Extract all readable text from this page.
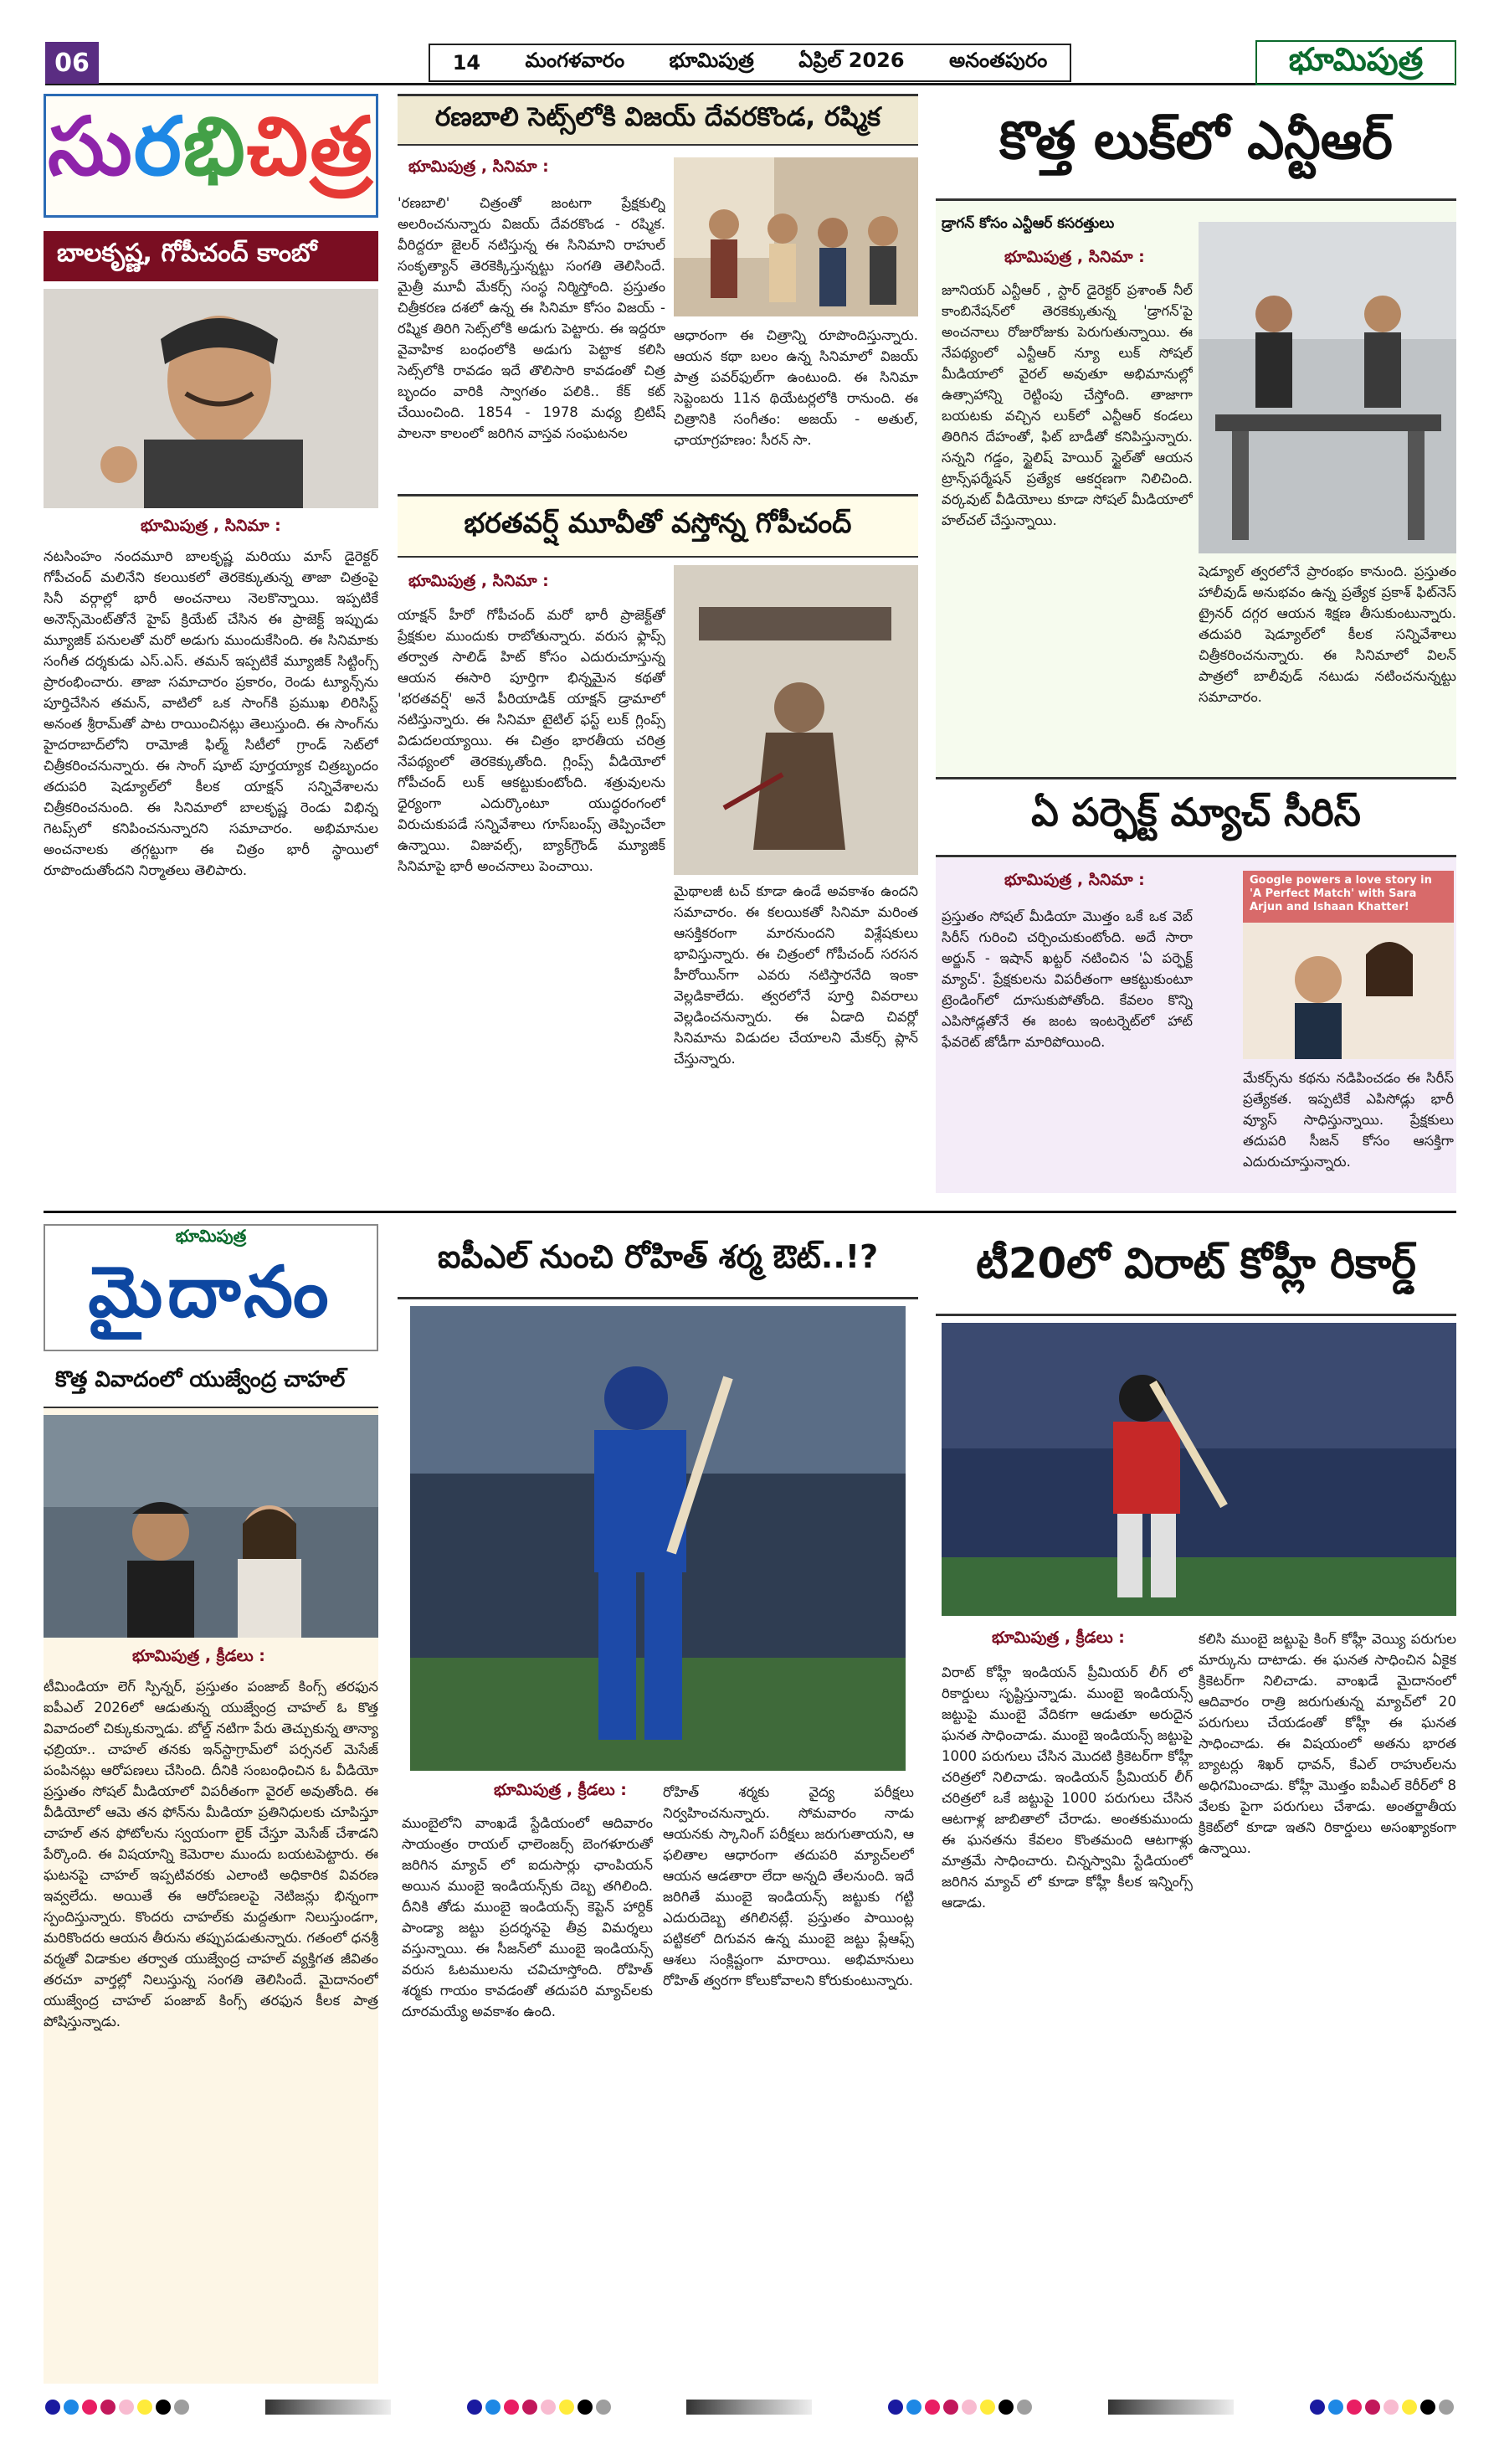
06	14	మంగళవారం	భూమిపుత్ర	ఏప్రిల్ 2026	అనంతపురం	భూమిపుత్ర
సురభిచిత్ర
బాలకృష్ణ, గోపీచంద్ కాంబో
భూమిపుత్ర , సినిమా :
నటసింహం నందమూరి బాలకృష్ణ మరియు మాస్ డైరెక్టర్ గోపీచంద్ మలినేని కలయికలో తెరకెక్కుతున్న తాజా చిత్రంపై సినీ వర్గాల్లో భారీ అంచనాలు నెలకొన్నాయి. ఇప్పటికే అనౌన్స్‌మెంట్‌తోనే హైప్ క్రియేట్ చేసిన ఈ ప్రాజెక్ట్ ఇప్పుడు మ్యూజిక్ పనులతో మరో అడుగు ముందుకేసింది. ఈ సినిమాకు సంగీత దర్శకుడు ఎస్.ఎస్. తమన్ ఇప్పటికే మ్యూజిక్ సిట్టింగ్స్ ప్రారంభించారు. తాజా సమాచారం ప్రకారం, రెండు ట్యూన్స్‌ను పూర్తిచేసిన తమన్, వాటిలో ఒక సాంగ్‌కి ప్రముఖ లిరిసిస్ట్ అనంత శ్రీరామ్‌తో పాట రాయించినట్లు తెలుస్తుంది. ఈ సాంగ్‌ను హైదరాబాద్‌లోని రామోజీ ఫిల్మ్ సిటీలో గ్రాండ్ సెట్‌లో చిత్రీకరించనున్నారు. ఈ సాంగ్ షూట్ పూర్తయ్యాక చిత్రబృందం తదుపరి షెడ్యూల్‌లో కీలక యాక్షన్ సన్నివేశాలను చిత్రీకరించనుంది. ఈ సినిమాలో బాలకృష్ణ రెండు విభిన్న గెటప్స్‌లో కనిపించనున్నారని సమాచారం. అభిమానుల అంచనాలకు తగ్గట్టుగా ఈ చిత్రం భారీ స్థాయిలో రూపొందుతోందని నిర్మాతలు తెలిపారు.
రణబాలి సెట్స్‌లోకి విజయ్ దేవరకొండ, రష్మిక
భూమిపుత్ర , సినిమా :
'రణబాలి' చిత్రంతో జంటగా ప్రేక్షకుల్ని అలరించనున్నారు విజయ్ దేవరకొండ - రష్మిక. వీరిద్దరూ జైలర్ నటిస్తున్న ఈ సినిమాని రాహుల్ సంకృత్యాన్ తెరకెక్కిస్తున్నట్టు సంగతి తెలిసిందే. మైత్రీ మూవీ మేకర్స్ సంస్థ నిర్మిస్తోంది. ప్రస్తుతం చిత్రీకరణ దశలో ఉన్న ఈ సినిమా కోసం విజయ్ - రష్మిక తిరిగి సెట్స్‌లోకి అడుగు పెట్టారు. ఈ ఇద్దరూ వైవాహిక బంధంలోకి అడుగు పెట్టాక కలిసి సెట్స్‌లోకి రావడం ఇదే తొలిసారి కావడంతో చిత్ర బృందం వారికి స్వాగతం పలికి.. కేక్ కట్ చేయించింది. 1854 - 1978 మధ్య బ్రిటిష్ పాలనా కాలంలో జరిగిన వాస్తవ సంఘటనల
ఆధారంగా ఈ చిత్రాన్ని రూపొందిస్తున్నారు. ఆయన కథా బలం ఉన్న సినిమాలో విజయ్ పాత్ర పవర్‌ఫుల్‌గా ఉంటుంది. ఈ సినిమా సెప్టెంబరు 11న థియేటర్లలోకి రానుంది. ఈ చిత్రానికి సంగీతం: అజయ్ - అతుల్, ఛాయాగ్రహణం: సీరన్ సా.
భరతవర్ష్ మూవీతో వస్తోన్న గోపీచంద్
భూమిపుత్ర , సినిమా :
యాక్షన్ హీరో గోపీచంద్ మరో భారీ ప్రాజెక్ట్‌తో ప్రేక్షకుల ముందుకు రాబోతున్నారు. వరుస ఫ్లాప్స్ తర్వాత సాలిడ్ హిట్ కోసం ఎదురుచూస్తున్న ఆయన ఈసారి పూర్తిగా భిన్నమైన కథతో 'భరతవర్ష్' అనే పీరియాడిక్ యాక్షన్ డ్రామాలో నటిస్తున్నారు. ఈ సినిమా టైటిల్ ఫస్ట్ లుక్ గ్లింప్స్ విడుదలయ్యాయి. ఈ చిత్రం భారతీయ చరిత్ర నేపథ్యంలో తెరకెక్కుతోంది. గ్లింప్స్ వీడియోలో గోపీచంద్ లుక్ ఆకట్టుకుంటోంది. శత్రువులను ధైర్యంగా ఎదుర్కొంటూ యుద్ధరంగంలో విరుచుకుపడే సన్నివేశాలు గూస్‌బంప్స్ తెప్పించేలా ఉన్నాయి. విజువల్స్, బ్యాక్‌గ్రౌండ్ మ్యూజిక్ సినిమాపై భారీ అంచనాలు పెంచాయి.
మైథాలజీ టచ్ కూడా ఉండే అవకాశం ఉందని సమాచారం. ఈ కలయికతో సినిమా మరింత ఆసక్తికరంగా మారనుందని విశ్లేషకులు భావిస్తున్నారు. ఈ చిత్రంలో గోపీచంద్ సరసన హీరోయిన్‌గా ఎవరు నటిస్తారనేది ఇంకా వెల్లడికాలేదు. త్వరలోనే పూర్తి వివరాలు వెల్లడించనున్నారు. ఈ ఏడాది చివర్లో సినిమాను విడుదల చేయాలని మేకర్స్ ప్లాన్ చేస్తున్నారు.
కొత్త లుక్‌లో ఎన్టీఆర్
డ్రాగన్ కోసం ఎన్టీఆర్ కసరత్తులు
భూమిపుత్ర , సినిమా :
జూనియర్ ఎన్టీఆర్ , స్టార్ డైరెక్టర్ ప్రశాంత్ నీల్ కాంబినేషన్‌లో తెరకెక్కుతున్న 'డ్రాగన్'పై అంచనాలు రోజురోజుకు పెరుగుతున్నాయి. ఈ నేపథ్యంలో ఎన్టీఆర్ న్యూ లుక్ సోషల్ మీడియాలో వైరల్ అవుతూ అభిమానుల్లో ఉత్సాహాన్ని రెట్టింపు చేస్తోంది. తాజాగా బయటకు వచ్చిన లుక్‌లో ఎన్టీఆర్ కండలు తిరిగిన దేహంతో, ఫిట్ బాడీతో కనిపిస్తున్నారు. సన్నని గడ్డం, స్టైలిష్ హెయిర్ స్టైల్‌తో ఆయన ట్రాన్స్‌ఫర్మేషన్ ప్రత్యేక ఆకర్షణగా నిలిచింది. వర్కవుట్ వీడియోలు కూడా సోషల్ మీడియాలో హల్‌చల్ చేస్తున్నాయి.
షెడ్యూల్ త్వరలోనే ప్రారంభం కానుంది. ప్రస్తుతం హాలీవుడ్ అనుభవం ఉన్న ప్రత్యేక ప్రకాశ్ ఫిట్‌నెస్ ట్రైనర్ దగ్గర ఆయన శిక్షణ తీసుకుంటున్నారు. తదుపరి షెడ్యూల్‌లో కీలక సన్నివేశాలు చిత్రీకరించనున్నారు. ఈ సినిమాలో విలన్ పాత్రలో బాలీవుడ్ నటుడు నటించనున్నట్టు సమాచారం.
ఏ పర్ఫెక్ట్ మ్యాచ్ సీరిస్
భూమిపుత్ర , సినిమా :
ప్రస్తుతం సోషల్ మీడియా మొత్తం ఒకే ఒక వెబ్ సిరీస్ గురించి చర్చించుకుంటోంది. అదే సారా అర్జున్ - ఇషాన్ ఖట్టర్ నటించిన 'ఏ పర్ఫెక్ట్ మ్యాచ్'. ప్రేక్షకులను విపరీతంగా ఆకట్టుకుంటూ ట్రెండింగ్‌లో దూసుకుపోతోంది. కేవలం కొన్ని ఎపిసోడ్లతోనే ఈ జంట ఇంటర్నెట్‌లో హాట్ ఫేవరెట్ జోడీగా మారిపోయింది.
Google powers a love story in 'A Perfect Match' with Sara Arjun and Ishaan Khatter!
మేకర్స్‌ను కథను నడిపించడం ఈ సిరీస్ ప్రత్యేకత. ఇప్పటికే ఎపిసోడ్లు భారీ వ్యూస్ సాధిస్తున్నాయి. ప్రేక్షకులు తదుపరి సీజన్ కోసం ఆసక్తిగా ఎదురుచూస్తున్నారు.
భూమిపుత్ర
మైదానం
కొత్త వివాదంలో యుజ్వేంద్ర చాహల్
భూమిపుత్ర , క్రీడలు :
టీమిండియా లెగ్ స్పిన్నర్, ప్రస్తుతం పంజాబ్ కింగ్స్ తరఫున ఐపీఎల్ 2026లో ఆడుతున్న యుజ్వేంద్ర చాహల్ ఓ కొత్త వివాదంలో చిక్కుకున్నాడు. బోల్డ్ నటిగా పేరు తెచ్చుకున్న తాన్యా ఛబ్రియా.. చాహల్ తనకు ఇన్‌స్టాగ్రామ్‌లో పర్సనల్ మెసేజ్ పంపినట్లు ఆరోపణలు చేసింది. దీనికి సంబంధించిన ఓ వీడియో ప్రస్తుతం సోషల్ మీడియాలో విపరీతంగా వైరల్ అవుతోంది. ఈ వీడియోలో ఆమె తన ఫోన్‌ను మీడియా ప్రతినిధులకు చూపిస్తూ చాహల్ తన ఫోటోలను స్వయంగా లైక్ చేస్తూ మెసేజ్ చేశాడని పేర్కొంది. ఈ విషయాన్ని కెమెరాల ముందు బయటపెట్టారు. ఈ ఘటనపై చాహల్ ఇప్పటివరకు ఎలాంటి అధికారిక వివరణ ఇవ్వలేదు. అయితే ఈ ఆరోపణలపై నెటిజన్లు భిన్నంగా స్పందిస్తున్నారు. కొందరు చాహల్‌కు మద్దతుగా నిలుస్తుండగా, మరికొందరు ఆయన తీరును తప్పుపడుతున్నారు. గతంలో ధనశ్రీ వర్మతో విడాకుల తర్వాత యుజ్వేంద్ర చాహల్ వ్యక్తిగత జీవితం తరచూ వార్తల్లో నిలుస్తున్న సంగతి తెలిసిందే. మైదానంలో యుజ్వేంద్ర చాహల్ పంజాబ్ కింగ్స్ తరఫున కీలక పాత్ర పోషిస్తున్నాడు.
ఐపీఎల్ నుంచి రోహిత్ శర్మ ఔట్..!?
భూమిపుత్ర , క్రీడలు :
ముంబైలోని వాంఖడే స్టేడియంలో ఆదివారం సాయంత్రం రాయల్ ఛాలెంజర్స్ బెంగళూరుతో జరిగిన మ్యాచ్ లో ఐదుసార్లు ఛాంపియన్ అయిన ముంబై ఇండియన్స్‌కు దెబ్బ తగిలింది. దీనికి తోడు ముంబై ఇండియన్స్ కెప్టెన్ హార్దిక్ పాండ్యా జట్టు ప్రదర్శనపై తీవ్ర విమర్శలు వస్తున్నాయి. ఈ సీజన్‌లో ముంబై ఇండియన్స్ వరుస ఓటములను చవిచూస్తోంది. రోహిత్ శర్మకు గాయం కావడంతో తదుపరి మ్యాచ్‌లకు దూరమయ్యే అవకాశం ఉంది.
రోహిత్ శర్మకు వైద్య పరీక్షలు నిర్వహించనున్నారు. సోమవారం నాడు ఆయనకు స్కానింగ్ పరీక్షలు జరుగుతాయని, ఆ ఫలితాల ఆధారంగా తదుపరి మ్యాచ్‌లలో ఆయన ఆడతారా లేదా అన్నది తేలనుంది. ఇదే జరిగితే ముంబై ఇండియన్స్ జట్టుకు గట్టి ఎదురుదెబ్బ తగిలినట్లే. ప్రస్తుతం పాయింట్ల పట్టికలో దిగువన ఉన్న ముంబై జట్టు ప్లేఆఫ్స్ ఆశలు సంక్లిష్టంగా మారాయి. అభిమానులు రోహిత్ త్వరగా కోలుకోవాలని కోరుకుంటున్నారు.
టీ20లో విరాట్ కోహ్లీ రికార్డ్
భూమిపుత్ర , క్రీడలు :
విరాట్ కోహ్లీ ఇండియన్ ప్రీమియర్ లీగ్ లో రికార్డులు సృష్టిస్తున్నాడు. ముంబై ఇండియన్స్ జట్టుపై ముంబై వేదికగా ఆడుతూ అరుదైన ఘనత సాధించాడు. ముంబై ఇండియన్స్ జట్టుపై 1000 పరుగులు చేసిన మొదటి క్రికెటర్‌గా కోహ్లీ చరిత్రలో నిలిచాడు. ఇండియన్ ప్రీమియర్ లీగ్ చరిత్రలో ఒకే జట్టుపై 1000 పరుగులు చేసిన ఆటగాళ్ల జాబితాలో చేరాడు. అంతకుముందు ఈ ఘనతను కేవలం కొంతమంది ఆటగాళ్లు మాత్రమే సాధించారు. చిన్నస్వామి స్టేడియంలో జరిగిన మ్యాచ్ లో కూడా కోహ్లీ కీలక ఇన్నింగ్స్ ఆడాడు.
కలిసి ముంబై జట్టుపై కింగ్ కోహ్లీ వెయ్యి పరుగుల మార్కును దాటాడు. ఈ ఘనత సాధించిన ఏకైక క్రికెటర్‌గా నిలిచాడు. వాంఖడే మైదానంలో ఆదివారం రాత్రి జరుగుతున్న మ్యాచ్‌లో 20 పరుగులు చేయడంతో కోహ్లీ ఈ ఘనత సాధించాడు. ఈ విషయంలో అతను భారత బ్యాటర్లు శిఖర్ ధావన్, కేఎల్ రాహుల్‌లను అధిగమించాడు. కోహ్లీ మొత్తం ఐపీఎల్ కెరీర్‌లో 8 వేలకు పైగా పరుగులు చేశాడు. అంతర్జాతీయ క్రికెట్‌లో కూడా ఇతని రికార్డులు అసంఖ్యాకంగా ఉన్నాయి.
